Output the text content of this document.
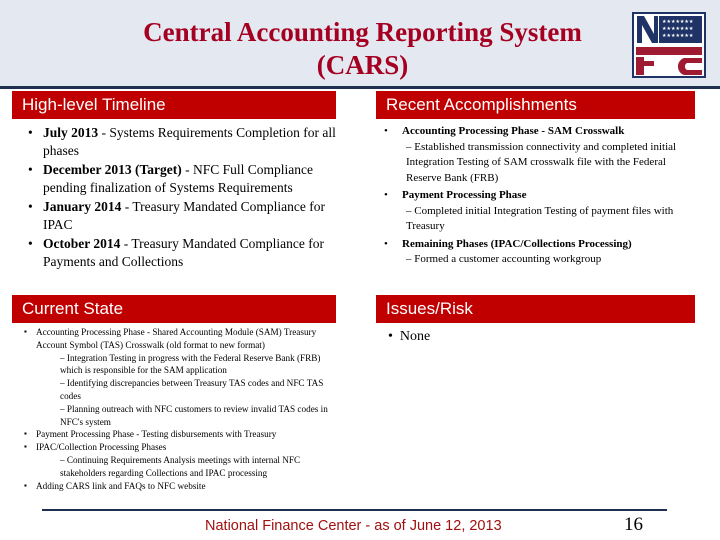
Central Accounting Reporting System
(CARS)
★★★★★★★
★★★★★★★
★★★★★★★
High-level Timeline
• July 2013 - Systems Requirements Completion for all phases
• December 2013 (Target) - NFC Full Compliance pending finalization of Systems Requirements
• January 2014 - Treasury Mandated Compliance for IPAC
• October 2014 - Treasury Mandated Compliance for Payments and Collections
Recent Accomplishments
• Accounting Processing Phase - SAM Crosswalk
– Established transmission connectivity and completed initial Integration Testing of SAM crosswalk file with the Federal Reserve Bank (FRB)
• Payment Processing Phase
– Completed initial Integration Testing of payment files with Treasury
• Remaining Phases (IPAC/Collections Processing)
– Formed a customer accounting workgroup
Current State
▪ Accounting Processing Phase - Shared Accounting Module (SAM) Treasury Account Symbol (TAS) Crosswalk (old format to new format)
– Integration Testing in progress with the Federal Reserve Bank (FRB) which is responsible for the SAM application
– Identifying discrepancies between Treasury TAS codes and NFC TAS codes
– Planning outreach with NFC customers to review invalid TAS codes in NFC's system
▪ Payment Processing Phase - Testing disbursements with Treasury
▪ IPAC/Collection Processing Phases
– Continuing Requirements Analysis meetings with internal NFC stakeholders regarding Collections and IPAC processing
▪ Adding CARS link and FAQs to NFC website
Issues/Risk
•  None
National Finance Center - as of June 12, 2013	16
